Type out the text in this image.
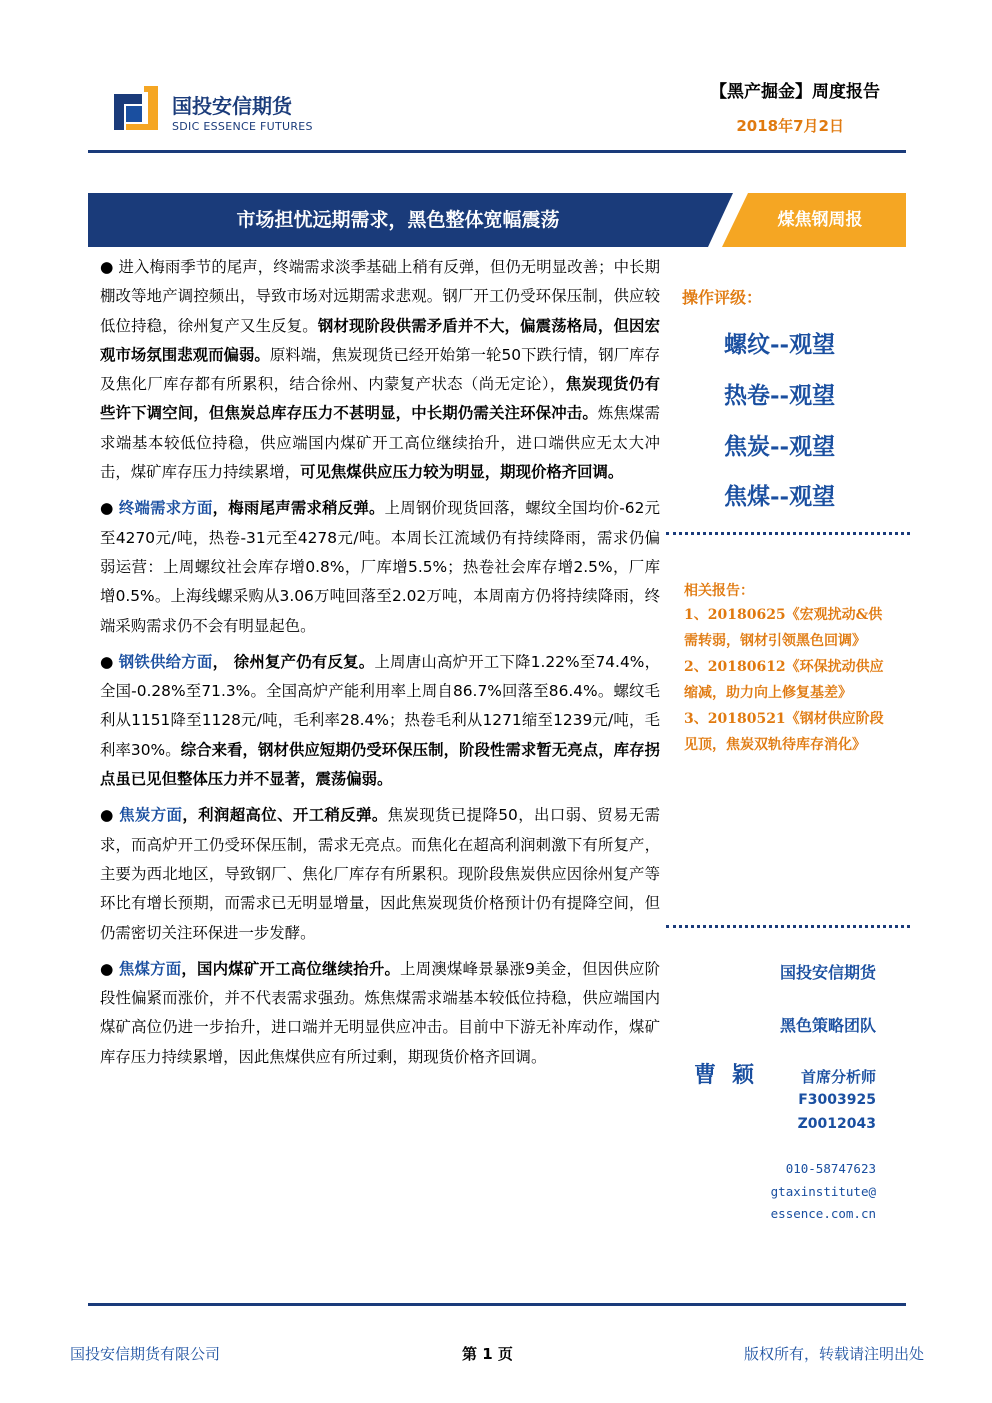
国投安信期货
SDIC ESSENCE FUTURES
【黑产掘金】周度报告
2018年7月2日
市场担忧远期需求，黑色整体宽幅震荡	煤焦钢周报

● 进入梅雨季节的尾声，终端需求淡季基础上稍有反弹，但仍无明显改善；中长期棚改等地产调控频出，导致市场对远期需求悲观。钢厂开工仍受环保压制，供应较低位持稳，徐州复产又生反复。钢材现阶段供需矛盾并不大，偏震荡格局，但因宏观市场氛围悲观而偏弱。原料端，焦炭现货已经开始第一轮50下跌行情，钢厂库存及焦化厂库存都有所累积，结合徐州、内蒙复产状态（尚无定论），焦炭现货仍有些许下调空间，但焦炭总库存压力不甚明显，中长期仍需关注环保冲击。炼焦煤需求端基本较低位持稳，供应端国内煤矿开工高位继续抬升，进口端供应无太大冲击，煤矿库存压力持续累增，可见焦煤供应压力较为明显，期现价格齐回调。

● 终端需求方面，梅雨尾声需求稍反弹。上周钢价现货回落，螺纹全国均价-62元至4270元/吨，热卷-31元至4278元/吨。本周长江流域仍有持续降雨，需求仍偏弱运营：上周螺纹社会库存增0.8%，厂库增5.5%；热卷社会库存增2.5%，厂库增0.5%。上海线螺采购从3.06万吨回落至2.02万吨，本周南方仍将持续降雨，终端采购需求仍不会有明显起色。

● 钢铁供给方面， 徐州复产仍有反复。上周唐山高炉开工下降1.22%至74.4%，全国-0.28%至71.3%。全国高炉产能利用率上周自86.7%回落至86.4%。螺纹毛利从1151降至1128元/吨，毛利率28.4%；热卷毛利从1271缩至1239元/吨，毛利率30%。综合来看，钢材供应短期仍受环保压制，阶段性需求暂无亮点，库存拐点虽已见但整体压力并不显著，震荡偏弱。

● 焦炭方面，利润超高位、开工稍反弹。焦炭现货已提降50，出口弱、贸易无需求，而高炉开工仍受环保压制，需求无亮点。而焦化在超高利润刺激下有所复产，主要为西北地区，导致钢厂、焦化厂库存有所累积。现阶段焦炭供应因徐州复产等环比有增长预期，而需求已无明显增量，因此焦炭现货价格预计仍有提降空间，但仍需密切关注环保进一步发酵。

● 焦煤方面，国内煤矿开工高位继续抬升。上周澳煤峰景暴涨9美金，但因供应阶段性偏紧而涨价，并不代表需求强劲。炼焦煤需求端基本较低位持稳，供应端国内煤矿高位仍进一步抬升，进口端并无明显供应冲击。目前中下游无补库动作，煤矿库存压力持续累增，因此焦煤供应有所过剩，期现货价格齐回调。

操作评级：
螺纹--观望
热卷--观望
焦炭--观望
焦煤--观望
相关报告：
1、20180625《宏观扰动&供需转弱，钢材引领黑色回调》
2、20180612《环保扰动供应缩减，助力向上修复基差》
3、20180521《钢材供应阶段见顶，焦炭双轨待库存消化》
国投安信期货
黑色策略团队
曹颖 首席分析师
F3003925
Z0012043
010-58747623
gtaxinstitute@
essence.com.cn
国投安信期货有限公司	第 1 页	版权所有，转载请注明出处
